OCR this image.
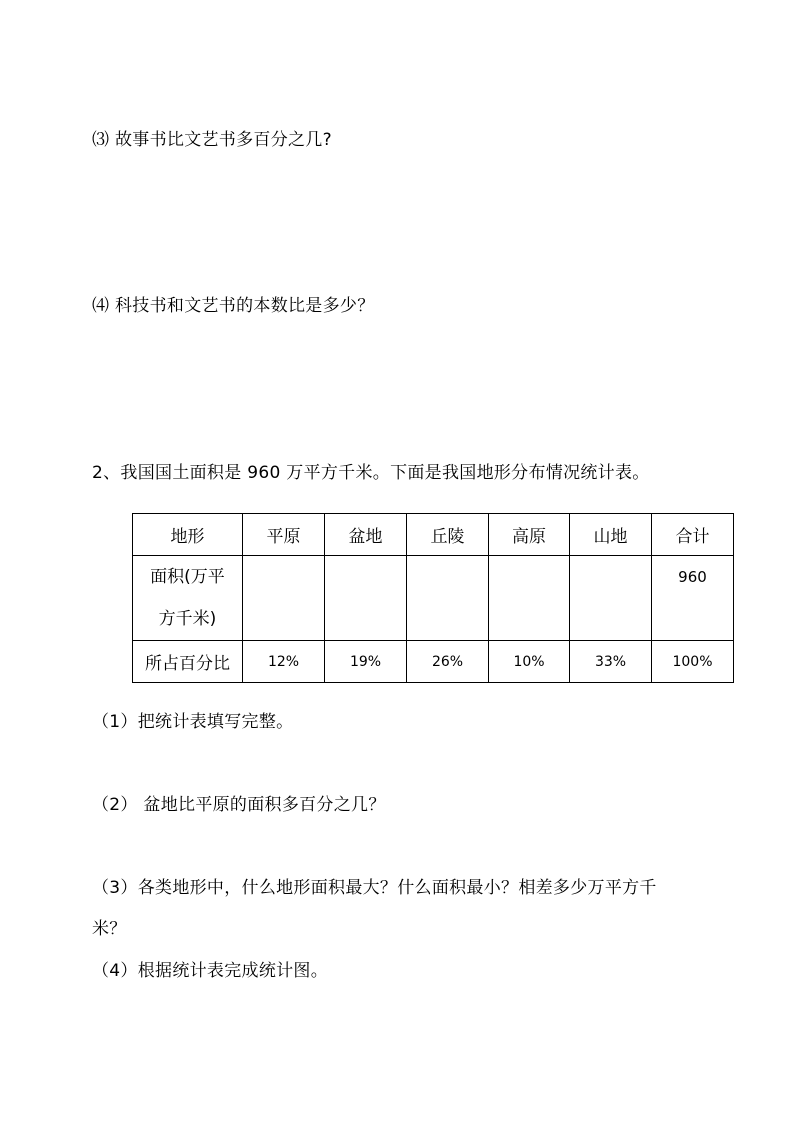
⑶ 故事书比文艺书多百分之几?
⑷ 科技书和文艺书的本数比是多少？
2、我国国土面积是 960 万平方千米。下面是我国地形分布情况统计表。
地形	平原	盆地	丘陵	高原	山地	合计

面积(万平
方千米)						960
所占百分比	12%	19%	26%	10%	33%	100%
（1）把统计表填写完整。
（2） 盆地比平原的面积多百分之几？
（3）各类地形中，什么地形面积最大？什么面积最小？相差多少万平方千
米？
（4）根据统计表完成统计图。
